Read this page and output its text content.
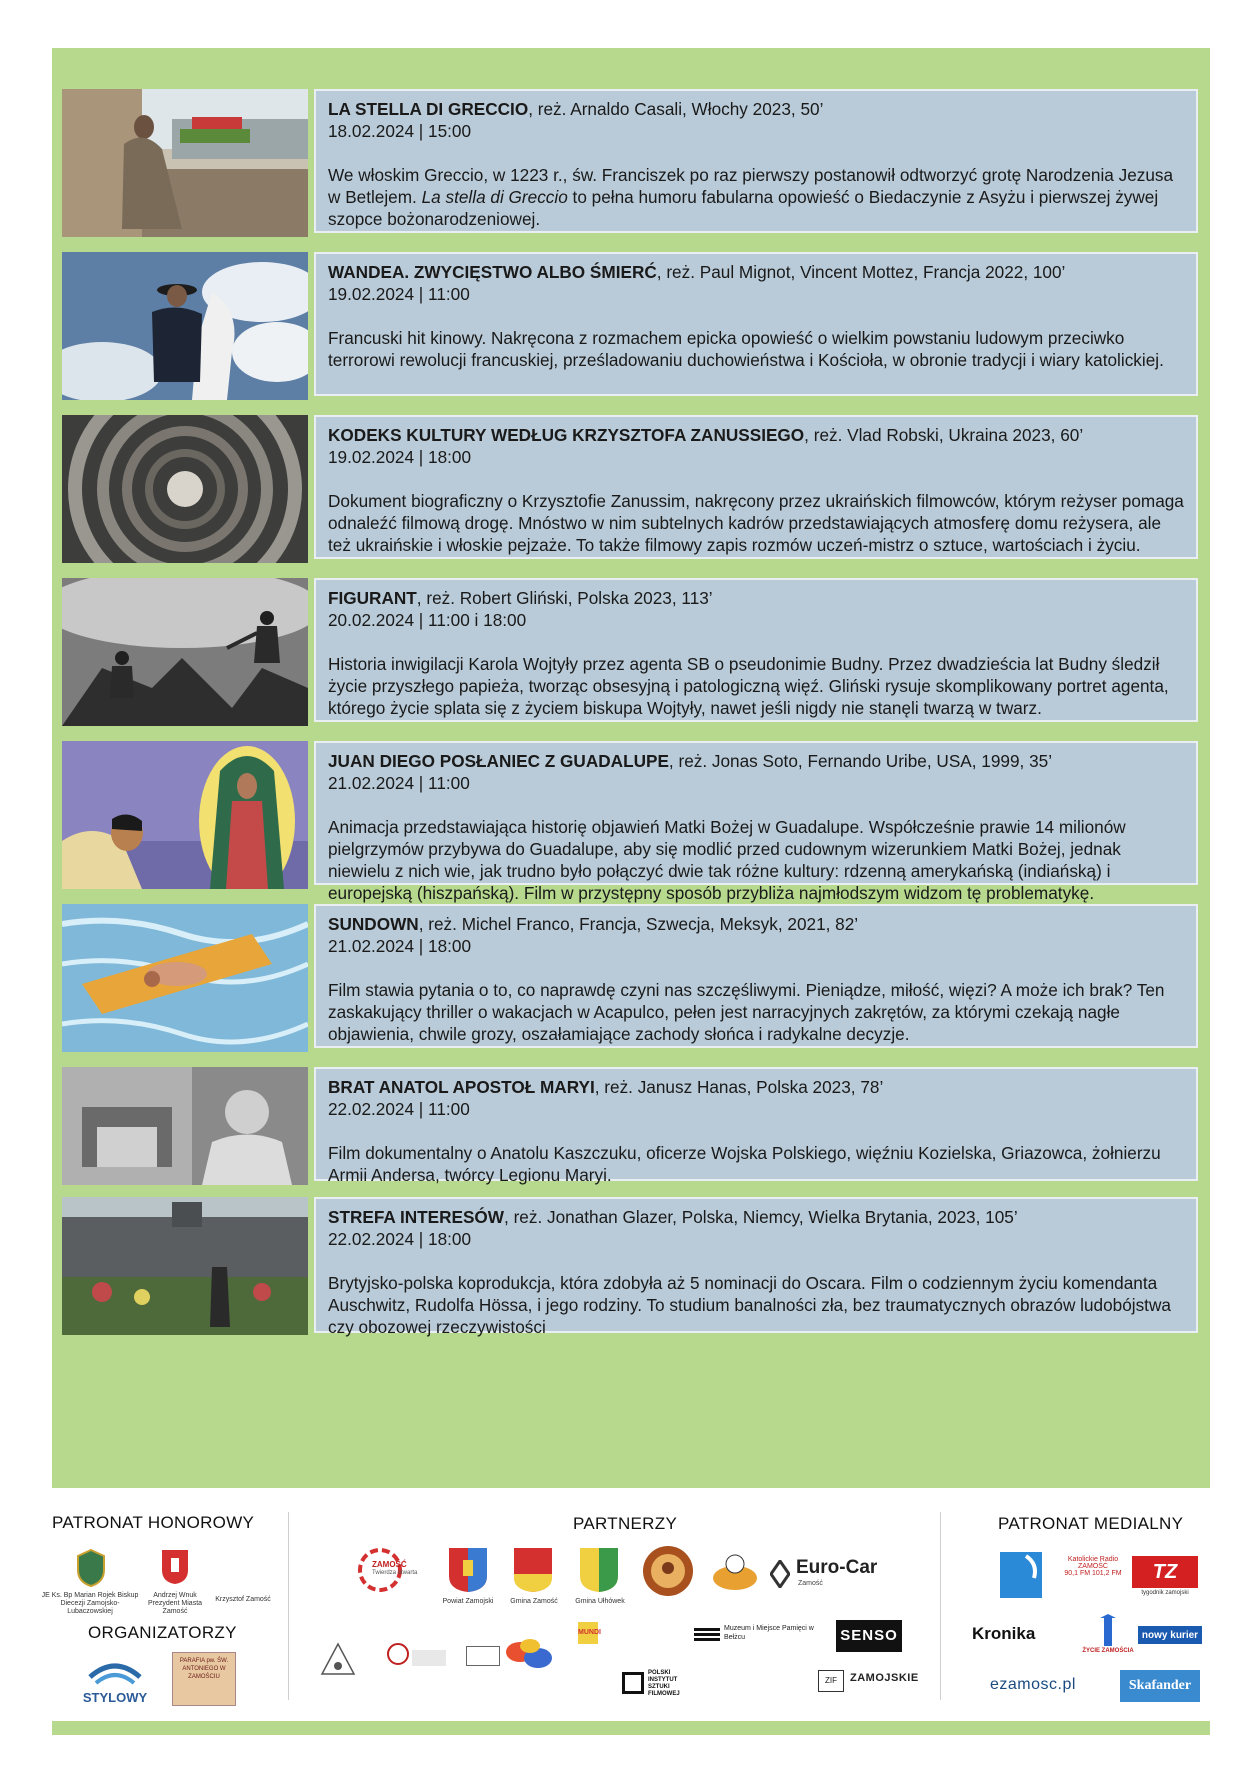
LA STELLA DI GRECCIO, reż. Arnaldo Casali, Włochy 2023, 50’

18.02.2024 | 15:00

We włoskim Greccio, w 1223 r., św. Franciszek po raz pierwszy postanowił odtworzyć grotę Narodzenia Jezusa w Betlejem. La stella di Greccio to pełna humoru fabularna opowieść o Biedaczynie z Asyżu i pierwszej żywej szopce bożonarodzeniowej.

WANDEA. ZWYCIĘSTWO ALBO ŚMIERĆ, reż. Paul Mignot, Vincent Mottez, Francja 2022, 100’

19.02.2024 | 11:00

Francuski hit kinowy. Nakręcona z rozmachem epicka opowieść o wielkim powstaniu ludowym przeciwko terrorowi rewolucji francuskiej, prześladowaniu duchowieństwa i Kościoła, w obronie tradycji i wiary katolickiej.

KODEKS KULTURY WEDŁUG KRZYSZTOFA ZANUSSIEGO, reż. Vlad Robski, Ukraina 2023, 60’

19.02.2024 | 18:00

Dokument biograficzny o Krzysztofie Zanussim, nakręcony przez ukraińskich filmowców, którym reżyser pomaga odnaleźć filmową drogę. Mnóstwo w nim subtelnych kadrów przedstawiających atmosferę domu reżysera, ale też ukraińskie i włoskie pejzaże. To także filmowy zapis rozmów uczeń-mistrz o sztuce, wartościach i życiu.

FIGURANT, reż. Robert Gliński, Polska 2023, 113’

20.02.2024 | 11:00 i 18:00

Historia inwigilacji Karola Wojtyły przez agenta SB o pseudonimie Budny. Przez dwadzieścia lat Budny śledził życie przyszłego papieża, tworząc obsesyjną i patologiczną więź. Gliński rysuje skomplikowany portret agenta, którego życie splata się z życiem biskupa Wojtyły, nawet jeśli nigdy nie stanęli twarzą w twarz.

JUAN DIEGO POSŁANIEC Z GUADALUPE, reż. Jonas Soto, Fernando Uribe, USA, 1999, 35’

21.02.2024 | 11:00

Animacja przedstawiająca historię objawień Matki Bożej w Guadalupe. Współcześnie prawie 14 milionów pielgrzymów przybywa do Guadalupe, aby się modlić przed cudownym wizerunkiem Matki Bożej, jednak niewielu z nich wie, jak trudno było połączyć dwie tak różne kultury: rdzenną amerykańską (indiańską) i europejską (hiszpańską). Film w przystępny sposób przybliża najmłodszym widzom tę problematykę.

SUNDOWN, reż. Michel Franco, Francja, Szwecja, Meksyk, 2021, 82’

21.02.2024 | 18:00

Film stawia pytania o to, co naprawdę czyni nas szczęśliwymi. Pieniądze, miłość, więzi? A może ich brak? Ten zaskakujący thriller o wakacjach w Acapulco, pełen jest narracyjnych zakrętów, za którymi czekają nagłe objawienia, chwile grozy, oszałamiające zachody słońca i radykalne decyzje.

BRAT ANATOL APOSTOŁ MARYI, reż. Janusz Hanas, Polska 2023, 78’

22.02.2024 | 11:00

Film dokumentalny o Anatolu Kaszczuku, oficerze Wojska Polskiego, więźniu Kozielska, Griazowca, żołnierzu Armii Andersa, twórcy Legionu Maryi.

STREFA INTERESÓW, reż. Jonathan Glazer, Polska, Niemcy, Wielka Brytania, 2023, 105’

22.02.2024 | 18:00

Brytyjsko-polska koprodukcja, która zdobyła aż 5 nominacji do Oscara. Film o codziennym życiu komendanta Auschwitz, Rudolfa Hössa, i jego rodziny. To studium banalności zła, bez traumatycznych obrazów ludobójstwa czy obozowej rzeczywistości

PATRONAT HONOROWY	PARTNERZY	PATRONAT MEDIALNY
ORGANIZATORZY
JE Ks. Bp Marian Rojek Biskup Diecezji Zamojsko-Lubaczowskiej
Andrzej Wnuk Prezydent Miasta Zamość
Krzysztof Zamość
STYLOWY
PARAFIA pw. ŚW. ANTONIEGO W ZAMOŚCIU
ZAMOŚĆ
Twierdza otwarta
Powiat Zamojski	Gmina Zamość	Gmina Ułhówek
Euro-Car
Zamość
MUNDI
Muzeum i Miejsce Pamięci w Bełżcu	SENSO
POLSKI INSTYTUT SZTUKI FILMOWEJ
ZIF	ZAMOJSKIE
Katolickie Radio ZAMOŚĆ
90,1 FM 101,2 FM	TZ
tygodnik zamojski
Kronika
ŻYCIE ZAMOŚCIA
nowy kurier
ezamosc.pl	Skafander
